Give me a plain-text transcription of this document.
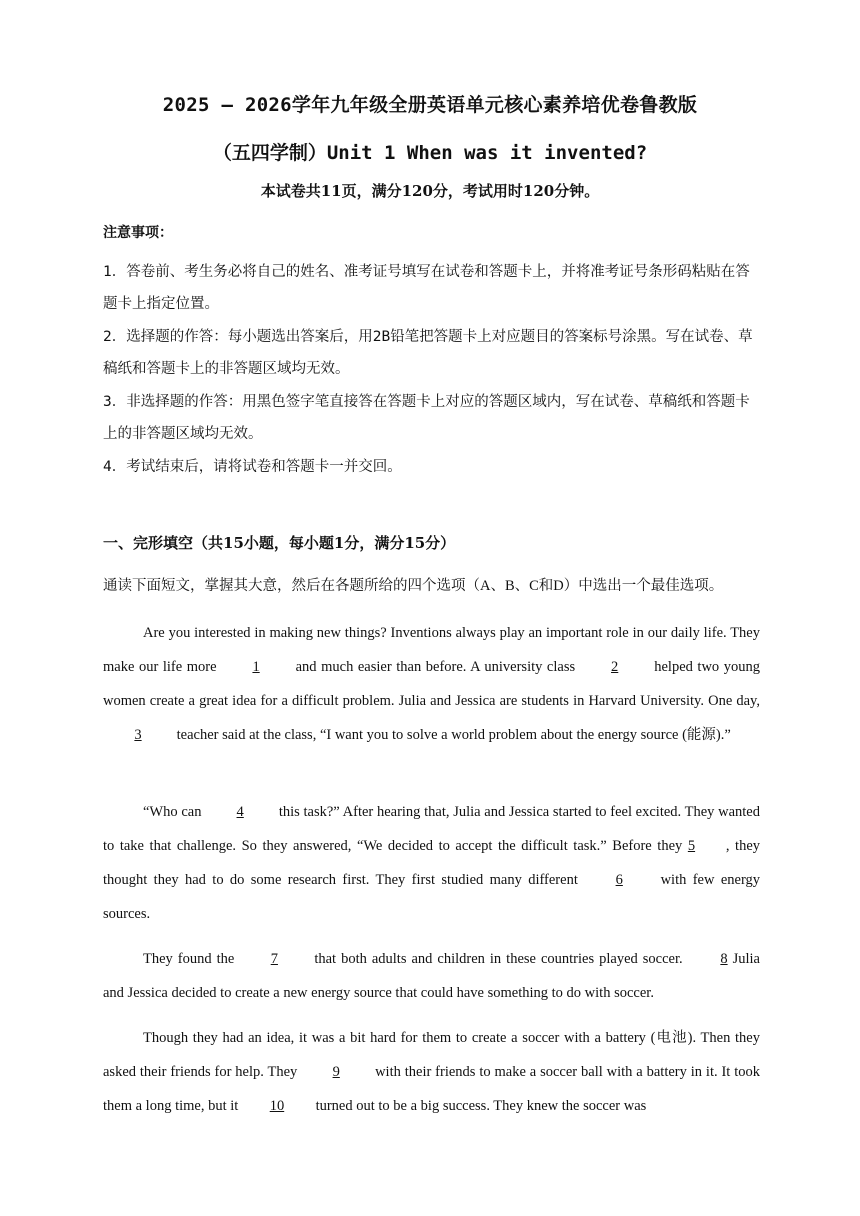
2025 – 2026学年九年级全册英语单元核心素养培优卷鲁教版
（五四学制）Unit 1 When was it invented?
本试卷共11页，满分120分，考试用时120分钟。
注意事项：
1．答卷前、考生务必将自己的姓名、准考证号填写在试卷和答题卡上，并将准考证号条形码粘贴在答题卡上指定位置。
2．选择题的作答：每小题选出答案后，用2B铅笔把答题卡上对应题目的答案标号涂黑。写在试卷、草稿纸和答题卡上的非答题区域均无效。
3．非选择题的作答：用黑色签字笔直接答在答题卡上对应的答题区域内，写在试卷、草稿纸和答题卡上的非答题区域均无效。
4．考试结束后，请将试卷和答题卡一并交回。
一、完形填空（共15小题，每小题1分，满分15分）
通读下面短文，掌握其大意，然后在各题所给的四个选项（A、B、C和D）中选出一个最佳选项。
Are you interested in making new things? Inventions always play an important role in our daily life. They make our life more 1 and much easier than before. A university class 2 helped two young women create a great idea for a difficult problem. Julia and Jessica are students in Harvard University. One day, 3 teacher said at the class, “I want you to solve a world problem about the energy source (能源).”
“Who can 4 this task?” After hearing that, Julia and Jessica started to feel excited. They wanted to take that challenge. So they answered, “We decided to accept the difficult task.” Before they 5 , they thought they had to do some research first. They first studied many different 6 with few energy sources.
They found the 7 that both adults and children in these countries played soccer. 8 Julia and Jessica decided to create a new energy source that could have something to do with soccer.
Though they had an idea, it was a bit hard for them to create a soccer with a battery (电池). Then they asked their friends for help. They 9 with their friends to make a soccer ball with a battery in it. It took them a long time, but it 10 turned out to be a big success. They knew the soccer was
